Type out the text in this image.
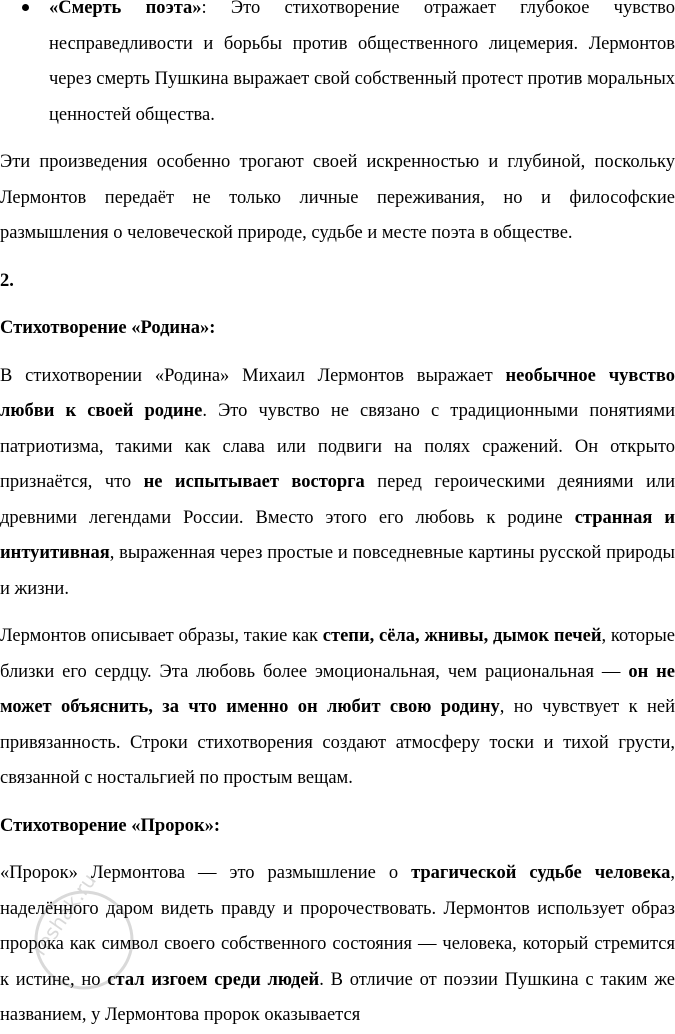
«Смерть поэта»: Это стихотворение отражает глубокое чувство несправедливости и борьбы против общественного лицемерия. Лермонтов через смерть Пушкина выражает свой собственный протест против моральных ценностей общества.

Эти произведения особенно трогают своей искренностью и глубиной, поскольку Лермонтов передаёт не только личные переживания, но и философские размышления о человеческой природе, судьбе и месте поэта в обществе.

2.

Стихотворение «Родина»:

В стихотворении «Родина» Михаил Лермонтов выражает необычное чувство любви к своей родине. Это чувство не связано с традиционными понятиями патриотизма, такими как слава или подвиги на полях сражений. Он открыто признаётся, что не испытывает восторга перед героическими деяниями или древними легендами России. Вместо этого его любовь к родине странная и интуитивная, выраженная через простые и повседневные картины русской природы и жизни.

Лермонтов описывает образы, такие как степи, сёла, жнивы, дымок печей, которые близки его сердцу. Эта любовь более эмоциональная, чем рациональная — он не может объяснить, за что именно он любит свою родину, но чувствует к ней привязанность. Строки стихотворения создают атмосферу тоски и тихой грусти, связанной с ностальгией по простым вещам.

Стихотворение «Пророк»:

«Пророк» Лермонтова — это размышление о трагической судьбе человека, наделённого даром видеть правду и пророчествовать. Лермонтов использует образ пророка как символ своего собственного состояния — человека, который стремится к истине, но стал изгоем среди людей. В отличие от поэзии Пушкина с таким же названием, у Лермонтова пророк оказывается

reshak.ru
